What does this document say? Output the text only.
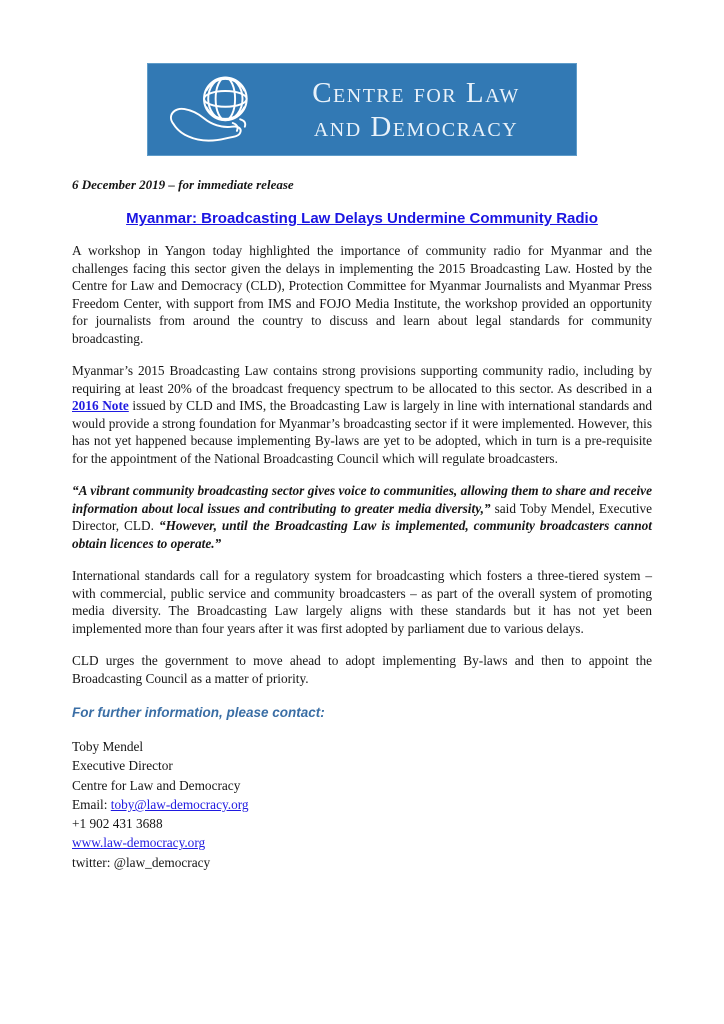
Centre for Law
and Democracy
6 December 2019 – for immediate release
Myanmar: Broadcasting Law Delays Undermine Community Radio
A workshop in Yangon today highlighted the importance of community radio for Myanmar and the challenges facing this sector given the delays in implementing the 2015 Broadcasting Law. Hosted by the Centre for Law and Democracy (CLD), Protection Committee for Myanmar Journalists and Myanmar Press Freedom Center, with support from IMS and FOJO Media Institute, the workshop provided an opportunity for journalists from around the country to discuss and learn about legal standards for community broadcasting.
Myanmar’s 2015 Broadcasting Law contains strong provisions supporting community radio, including by requiring at least 20% of the broadcast frequency spectrum to be allocated to this sector. As described in a 2016 Note issued by CLD and IMS, the Broadcasting Law is largely in line with international standards and would provide a strong foundation for Myanmar’s broadcasting sector if it were implemented. However, this has not yet happened because implementing By-laws are yet to be adopted, which in turn is a pre-requisite for the appointment of the National Broadcasting Council which will regulate broadcasters.
“A vibrant community broadcasting sector gives voice to communities, allowing them to share and receive information about local issues and contributing to greater media diversity,” said Toby Mendel, Executive Director, CLD. “However, until the Broadcasting Law is implemented, community broadcasters cannot obtain licences to operate.”
International standards call for a regulatory system for broadcasting which fosters a three-tiered system – with commercial, public service and community broadcasters – as part of the overall system of promoting media diversity. The Broadcasting Law largely aligns with these standards but it has not yet been implemented more than four years after it was first adopted by parliament due to various delays.
CLD urges the government to move ahead to adopt implementing By-laws and then to appoint the Broadcasting Council as a matter of priority.
For further information, please contact:
Toby Mendel
Executive Director
Centre for Law and Democracy
Email: toby@law-democracy.org
+1 902 431 3688
www.law-democracy.org
twitter: @law_democracy
